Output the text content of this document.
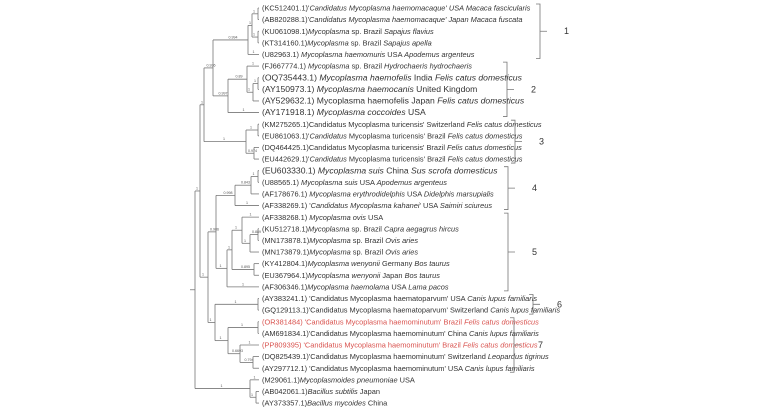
1
1
0.936
0.994
1
1
1
1
0.997
0.89
1
1
1
1
1
1
0.974
1
0.986
0.998
0.843
1
1
1
1
1
1
1
0.889
0.895
1
1
1
1
1
0.6693
1
0.794
1
1
1
(KC512401.1)'Candidatus Mycoplasma haemomacaque' USA Macaca fascicularis
(AB820288.1)'Candidatus Mycoplasma haemomacaque' Japan Macaca fuscata
(KU061098.1)Mycoplasma sp. Brazil Sapajus flavius
(KT314160.1)Mycoplasma sp. Brazil Sapajus apella
(U82963.1) Mycoplasma haemomuris USA Apodemus argenteus
(FJ667774.1) Mycoplasma sp. Brazil Hydrochaeris hydrochaeris
(OQ735443.1) Mycoplasma haemofelis India Felis catus domesticus
(AY150973.1) Mycoplasma haemocanis United Kingdom
(AY529632.1) Mycoplasma haemofelis Japan Felis catus domesticus
(AY171918.1) Mycoplasma coccoides USA
(KM275265.1)Candidatus Mycoplasma turicensis' Switzerland Felis catus domesticus
(EU861063.1)'Candidatus Mycoplasma turicensis' Brazil Felis catus domesticus
(DQ464425.1)Candidatus Mycoplasma turicensis' Brazil Felis catus domesticus
(EU442629.1)'Candidatus Mycoplasma turicensis' Brazil Felis catus domesticus
(EU603330.1) Mycoplasma suis China Sus scrofa domesticus
(U88565.1) Mycoplasma suis USA Apodemus argenteus
(AF178676.1) Mycoplasma erythrodidelphis USA Didelphis marsupialis
(AF338269.1) 'Candidatus Mycoplasma kahanei' USA Saimiri sciureus
(AF338268.1) Mycoplasma ovis USA
(KU512718.1)Mycoplasma sp. Brazil Capra aegagrus hircus
(MN173878.1)Mycoplasma sp. Brazil Ovis aries
(MN173879.1)Mycoplasma sp. Brazil Ovis aries
(KY412804.1)Mycoplasma wenyonii Germany Bos taurus
(EU367964.1)Mycoplasma wenyonii Japan Bos taurus
(AF306346.1)Mycoplasma haemolama USA Lama pacos
(AY383241.1) 'Candidatus Mycoplasma haematoparvum' USA Canis lupus familiaris
(GQ129113.1)'Candidatus Mycoplasma haematoparvum' Switzerland Canis lupus familiaris
(OR381484) 'Candidatus Mycoplasma haemominutum' Brazil Felis catus domesticus
(AM691834.1)'Candidatus Mycoplasma haemominutum' China Canis lupus familiaris
(PP809395) 'Candidatus Mycoplasma haemominutum' Brazil Felis catus domesticus
(DQ825439.1)'Candidatus Mycoplasma haemominutum' Switzerland Leopardus tigrinus
(AY297712.1) 'Candidatus Mycoplasma haemominutum' USA Canis lupus familiaris
(M29061.1)Mycoplasmoides pneumoniae USA
(AB042061.1)Bacillus subtilis Japan
(AY373357.1)Bacillus mycoides China
1
2
3
4
5
6
7
